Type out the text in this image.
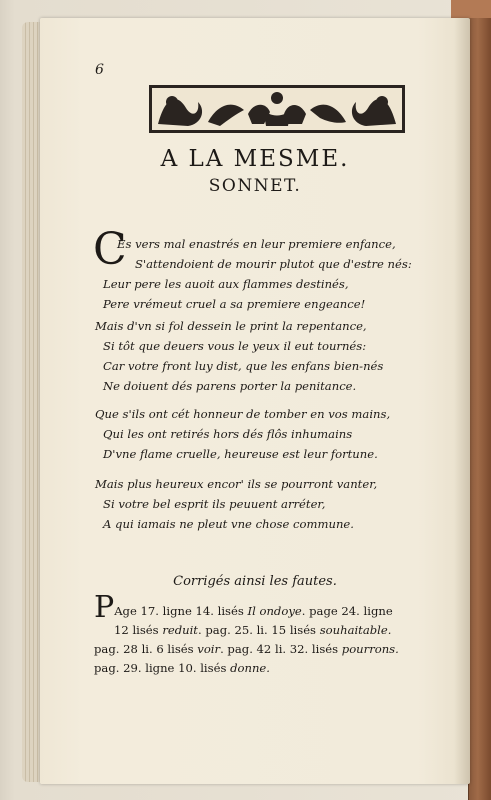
6
A LA MESME.
SONNET.
C
Es vers mal enastrés en leur premiere enfance,
S'attendoient de mourir plutot que d'estre nés:
Leur pere les auoit aux flammes destinés,
Pere vrémeut cruel a sa premiere engeance!
Mais d'vn si fol dessein le print la repentance,
Si tôt que deuers vous le yeux il eut tournés:
Car votre front luy dist, que les enfans bien-nés
Ne doiuent dés parens porter la penitance.
Que s'ils ont cét honneur de tomber en vos mains,
Qui les ont retirés hors dés flôs inhumains
D'vne flame cruelle, heureuse est leur fortune.
Mais plus heureux encor' ils se pourront vanter,
Si votre bel esprit ils peuuent arréter,
A qui iamais ne pleut vne chose commune.
Corrigés ainsi les fautes.
PAge 17. ligne 14. lisés Il ondoye. page 24. ligne
12 lisés reduit. pag. 25. li. 15 lisés souhaitable.
pag. 28 li. 6 lisés voir. pag. 42 li. 32. lisés pourrons.
pag. 29. ligne 10. lisés donne.
